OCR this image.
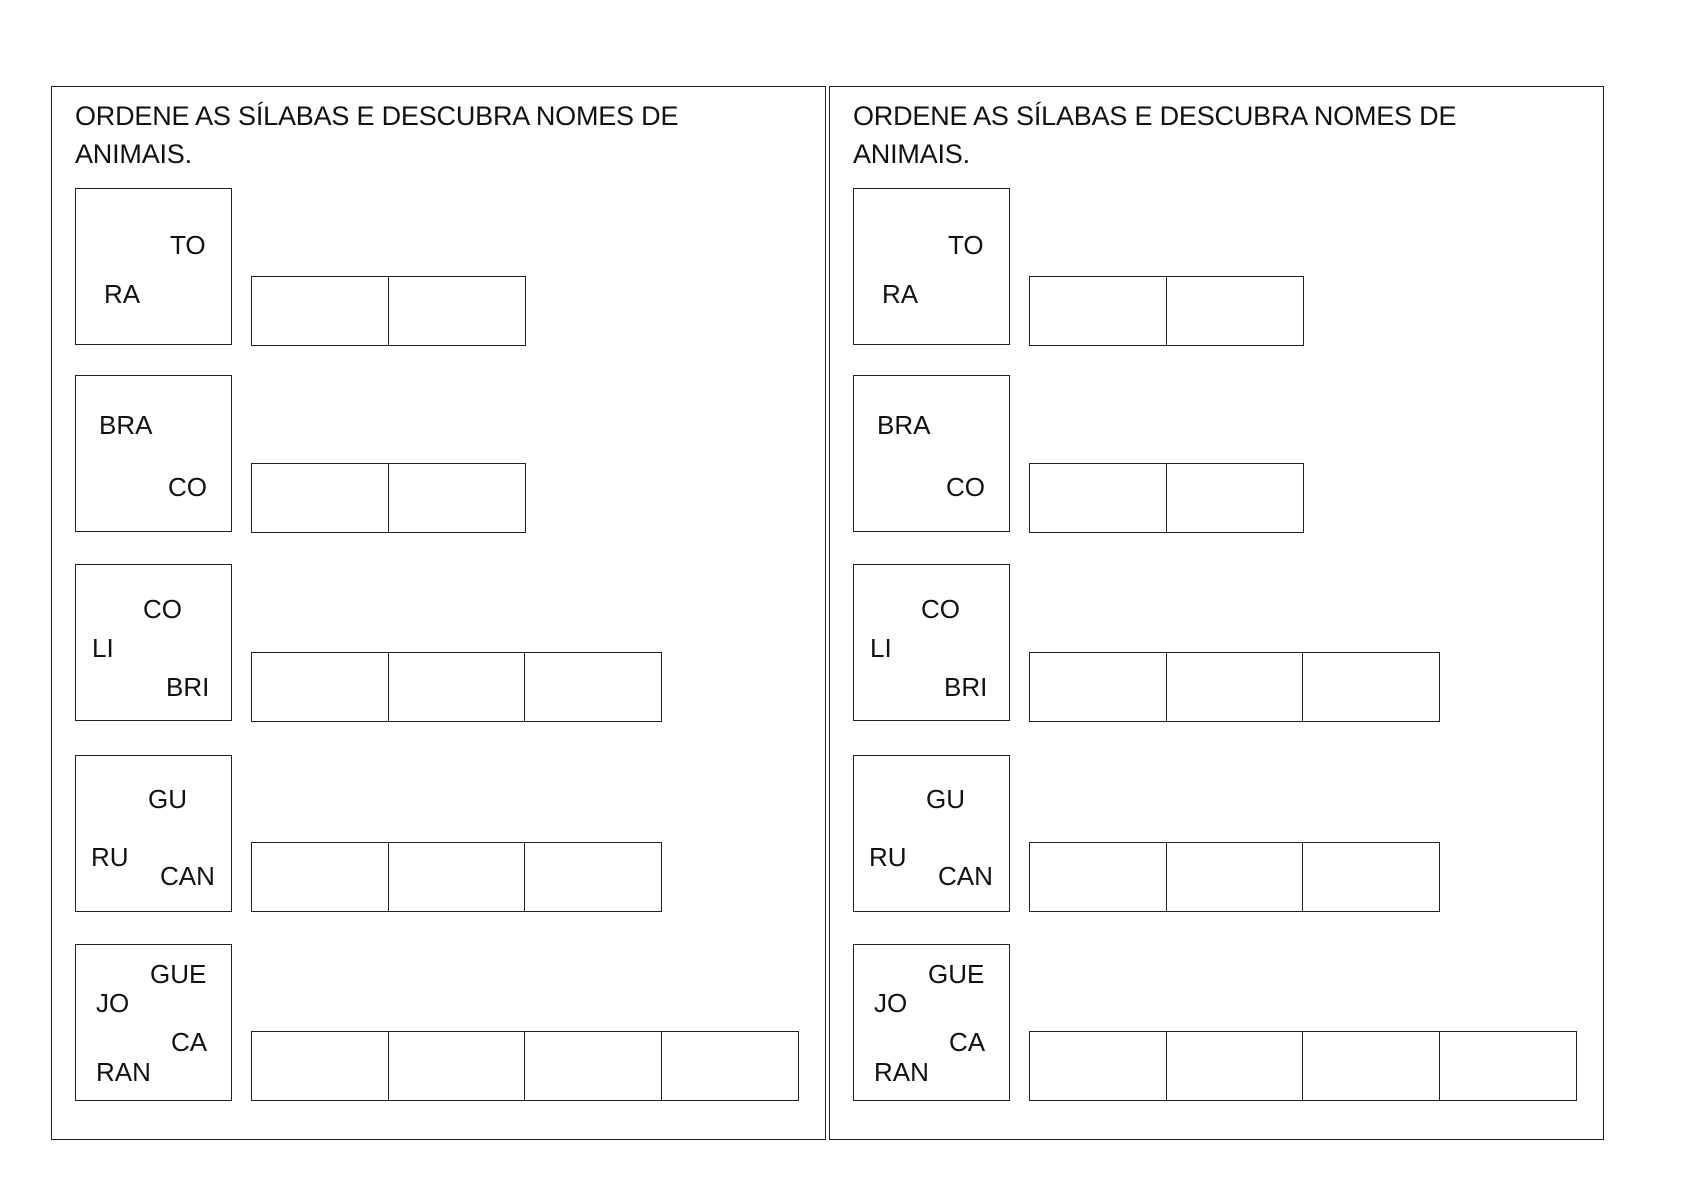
ORDENE AS SÍLABAS E DESCUBRA NOMES DE ANIMAIS.

TO
RA
BRA
CO
CO
LI
BRI
GU
RU
CAN
GUE
JO
CA
RAN

ORDENE AS SÍLABAS E DESCUBRA NOMES DE ANIMAIS.

TO
RA
BRA
CO
CO
LI
BRI
GU
RU
CAN
GUE
JO
CA
RAN
